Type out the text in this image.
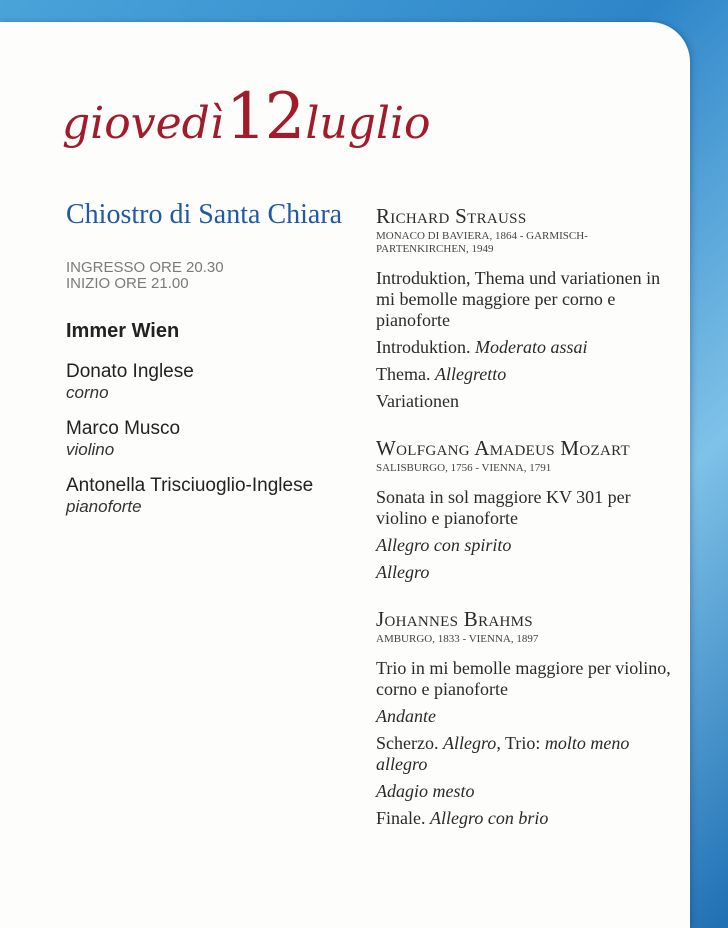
giovedì12luglio
Chiostro di Santa Chiara
INGRESSO ORE 20.30
INIZIO ORE 21.00
Immer Wien
Donato Inglese
corno
Marco Musco
violino
Antonella Trisciuoglio-Inglese
pianoforte
Richard Strauss
MONACO DI BAVIERA, 1864 - GARMISCH-PARTENKIRCHEN, 1949
Introduktion, Thema und variationen in mi bemolle maggiore per corno e pianoforte
Introduktion. Moderato assai
Thema. Allegretto
Variationen
Wolfgang Amadeus Mozart
SALISBURGO, 1756 - VIENNA, 1791
Sonata in sol maggiore KV 301 per violino e pianoforte
Allegro con spirito
Allegro
Johannes Brahms
AMBURGO, 1833 - VIENNA, 1897
Trio in mi bemolle maggiore per violino, corno e pianoforte
Andante
Scherzo. Allegro, Trio: molto meno allegro
Adagio mesto
Finale. Allegro con brio
